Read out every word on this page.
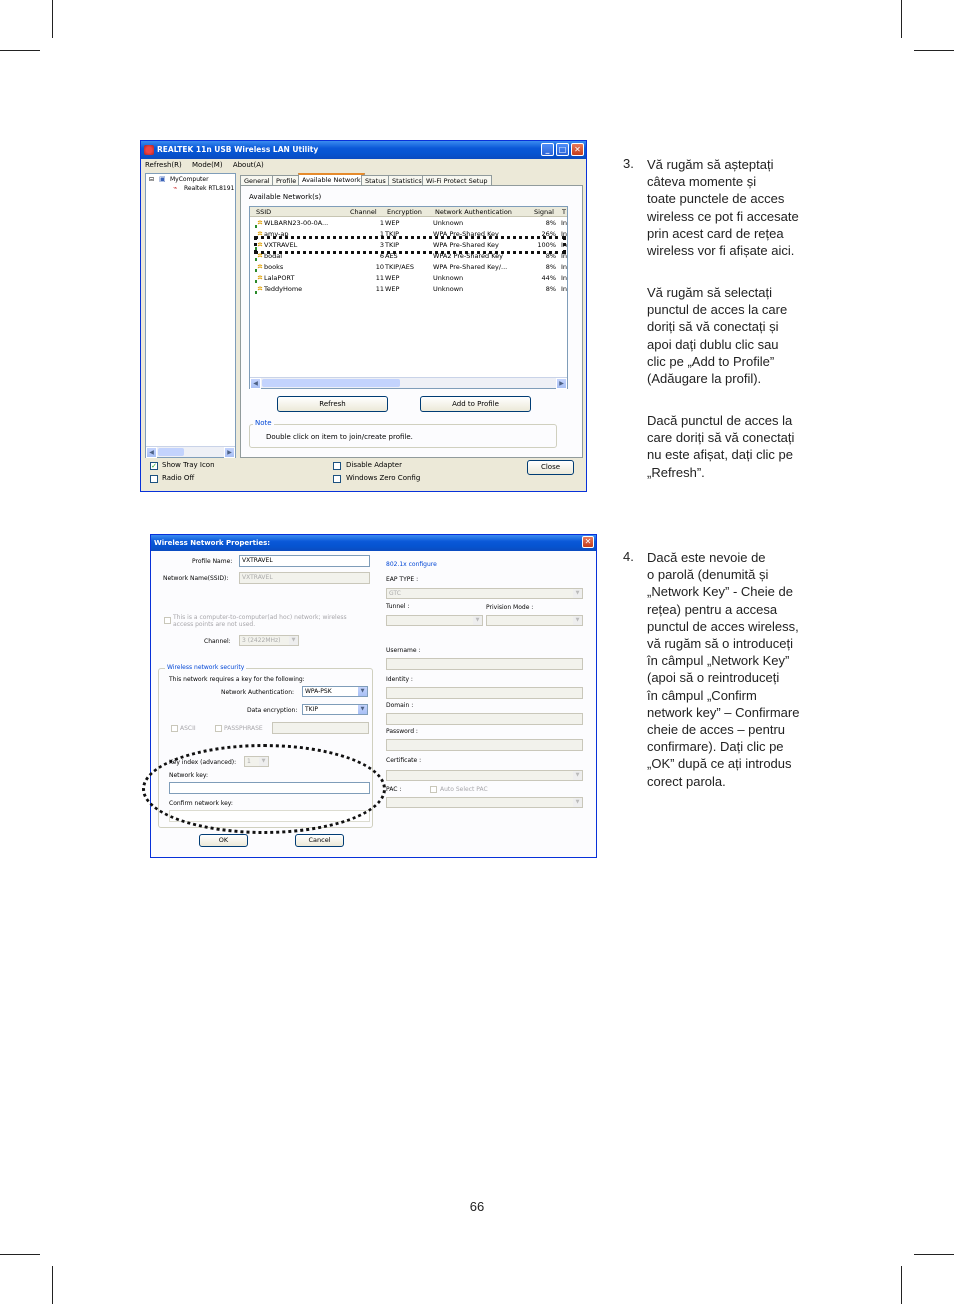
REALTEK 11n USB Wireless LAN Utility	_	□ ✕
Refresh(R) Mode(M) About(A)
⊟ ▣ MyComputer
⌁ Realtek RTL8191
◀	▶
General Profile Available Network Status Statistics Wi-Fi Protect Setup
Available Network(s)
SSID	Channel Encryption Network Authentication	Signal T
WLBARN23-00-0A...	1 WEP	Unknown	8% In
amy-ap	1 TKIP	WPA Pre-Shared Key	26% In
VXTRAVEL	3 TKIP	WPA Pre-Shared Key	100% In
bodal	6 AES	WPA2 Pre-Shared Key	8% In
books	10 TKIP/AES	WPA Pre-Shared Key/...	8% In
LalaPORT	11 WEP	Unknown	44% In
TeddyHome	11 WEP	Unknown	8% In
◀	▶
Refresh	Add to Profile
Note
Double click on item to join/create profile.
✓ Show Tray Icon
Radio Off
Disable Adapter
Windows Zero Config
Close
Wireless Network Properties:	✕
Profile Name:	VXTRAVEL
Network Name(SSID):	VXTRAVEL
This is a computer-to-computer(ad hoc) network; wireless access points are not used.
Channel:	3 (2422MHz)	▼
Wireless network security
This network requires a key for the following:
Network Authentication:	WPA-PSK	▼
Data encryption:	TKIP	▼
ASCII	PASSPHRASE
Key index (advanced):	1	▼
Network key:
Confirm network key:
OK	Cancel
802.1x configure
EAP TYPE :
GTC	▼
Tunnel :	Privision Mode :
▼	▼
Username :
Identity :
Domain :
Password :
Certificate :
▼
PAC :	Auto Select PAC
▼
3. Vă rugăm să așteptați
câteva momente și
toate punctele de acces
wireless ce pot fi accesate
prin acest card de rețea
wireless vor fi afișate aici.
Vă rugăm să selectați
punctul de acces la care
doriți să vă conectați și
apoi dați dublu clic sau
clic pe „Add to Profile”
(Adăugare la profil).
Dacă punctul de acces la
care doriți să vă conectați
nu este afișat, dați clic pe
„Refresh”.
4. Dacă este nevoie de
o parolă (denumită și
„Network Key” - Cheie de
rețea) pentru a accesa
punctul de acces wireless,
vă rugăm să o introduceți
în câmpul „Network Key”
(apoi să o reintroduceți
în câmpul „Confirm
network key” – Confirmare
cheie de acces – pentru
confirmare). Dați clic pe
„OK” după ce ați introdus
corect parola.
66
